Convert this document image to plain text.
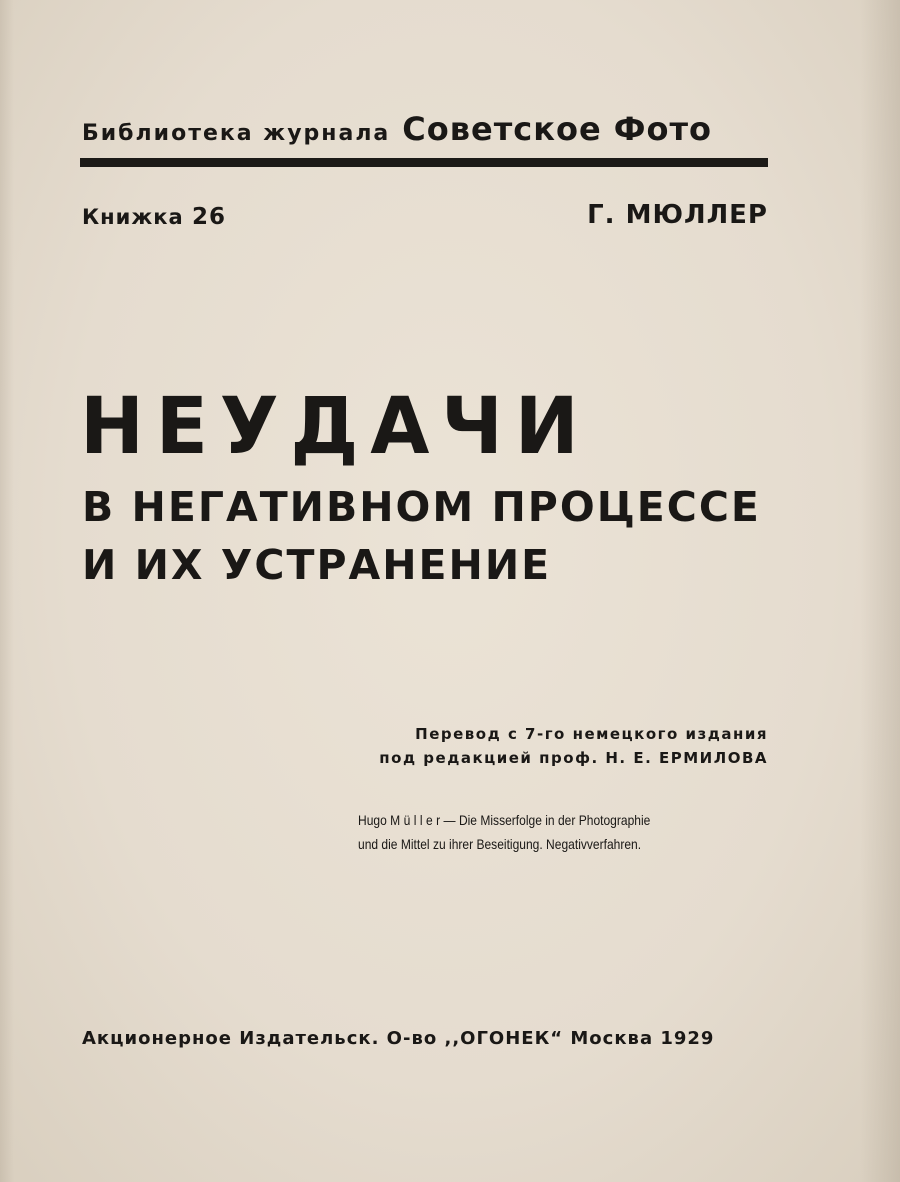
Библиотека журнала Советское Фото
Книжка 26	Г. МЮЛЛЕР
НЕУДАЧИ
В НЕГАТИВНОМ ПРОЦЕССЕ
И ИХ УСТРАНЕНИЕ
Перевод с 7-го немецкого издания
под редакцией проф. Н. Е. ЕРМИЛОВА
Hugo Müller— Die Misserfolge in der Photographie
und die Mittel zu ihrer Beseitigung. Negativverfahren.
Акционерное Издательск. О-во ,,ОГОНЕК“ Москва 1929
